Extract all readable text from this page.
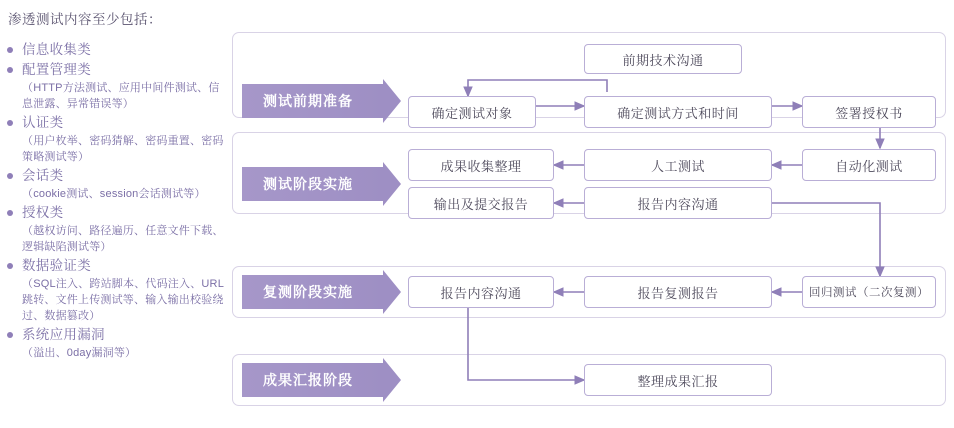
渗透测试内容至少包括：
信息收集类
配置管理类
（HTTP方法测试、应用中间件测试、信息泄露、异常错误等）
认证类
（用户枚举、密码猜解、密码重置、密码策略测试等）
会话类
（cookie测试、session会话测试等）
授权类
（越权访问、路径遍历、任意文件下载、逻辑缺陷测试等）
数据验证类
（SQL注入、跨站脚本、代码注入、URL跳转、文件上传测试等、输入输出校验绕过、数据篡改）
系统应用漏洞
（溢出、0day漏洞等）
测试前期准备
测试阶段实施
复测阶段实施
成果汇报阶段
前期技术沟通
确定测试对象	确定测试方式和时间	签署授权书
自动化测试
人工测试
成果收集整理
报告内容沟通
输出及提交报告
回归测试（二次复测）
报告复测报告
报告内容沟通
整理成果汇报
